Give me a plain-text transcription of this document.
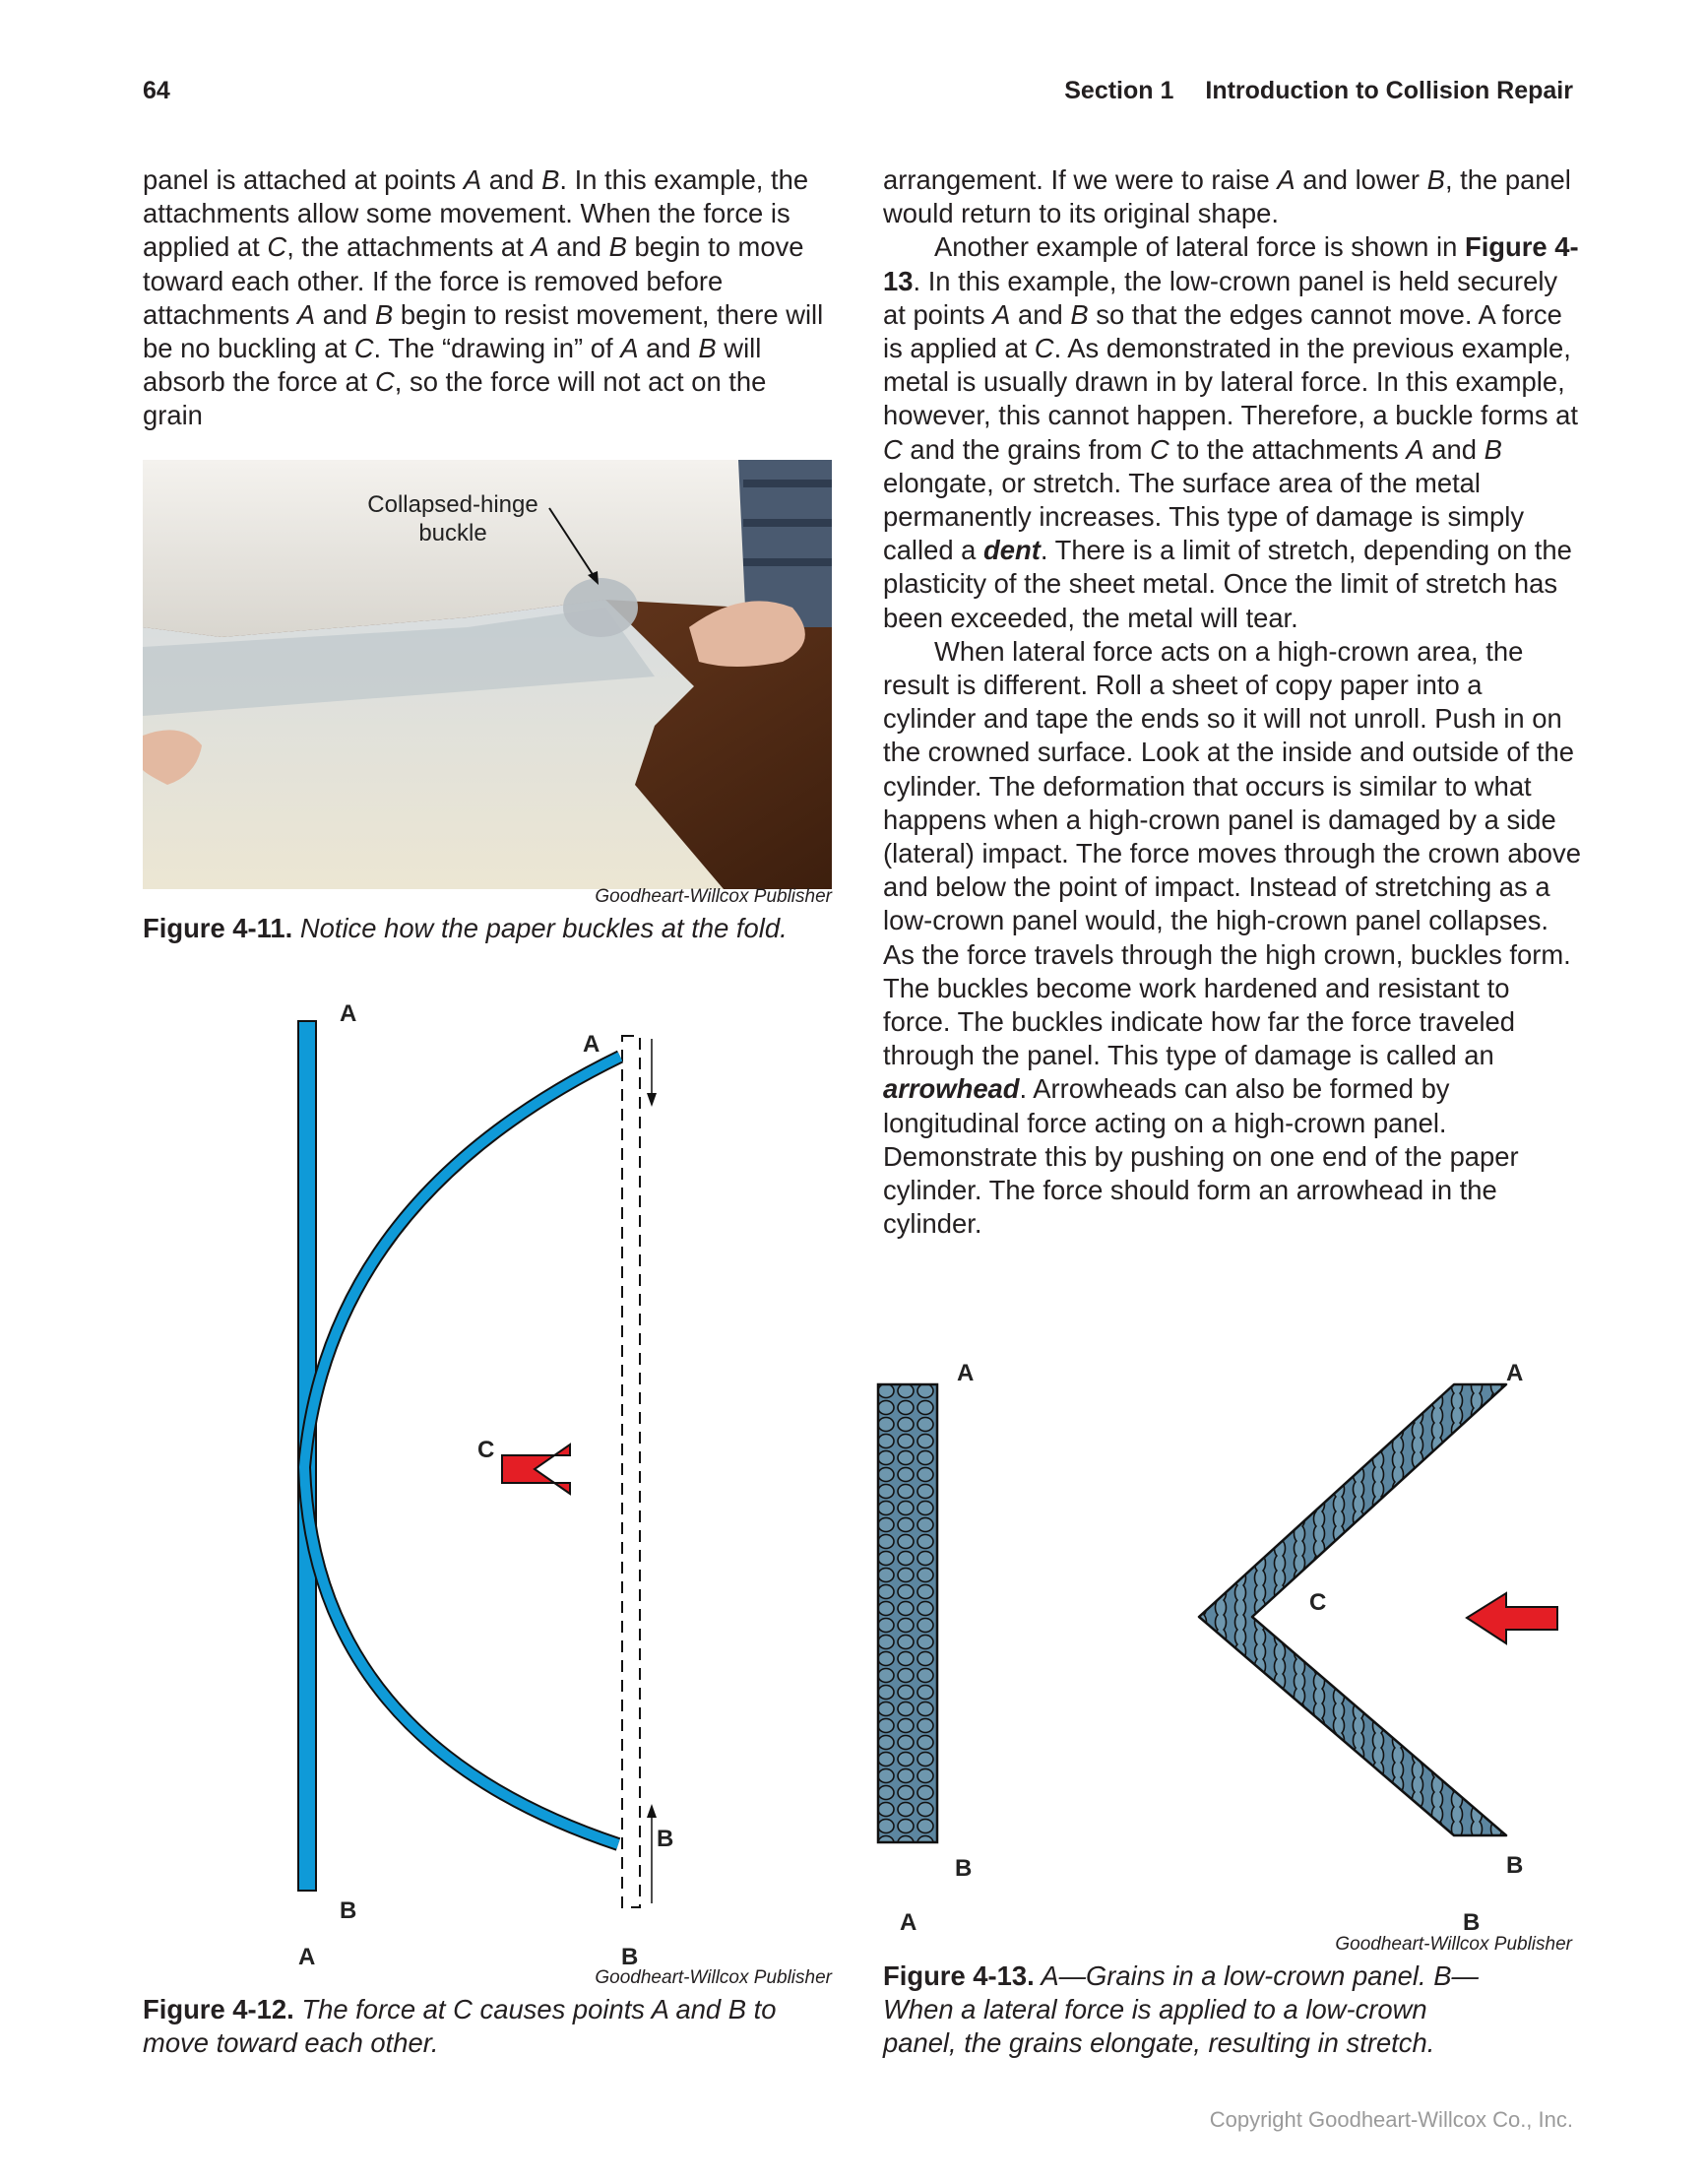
64	Section 1 Introduction to Collision Repair

panel is attached at points A and B. In this example, the attachments allow some movement. When the force is applied at C, the attachments at A and B begin to move toward each other. If the force is removed before attachments A and B begin to resist movement, there will be no buckling at C. The “drawing in” of A and B will absorb the force at C, so the force will not act on the grain

arrangement. If we were to raise A and lower B, the panel would return to its original shape.

Another example of lateral force is shown in Figure 4-13. In this example, the low-crown panel is held securely at points A and B so that the edges cannot move. A force is applied at C. As demonstrated in the previous example, metal is usually drawn in by lateral force. In this example, however, this cannot happen. Therefore, a buckle forms at C and the grains from C to the attachments A and B elongate, or stretch. The surface area of the metal permanently increases. This type of damage is simply called a dent. There is a limit of stretch, depending on the plasticity of the sheet metal. Once the limit of stretch has been exceeded, the metal will tear.

When lateral force acts on a high-crown area, the result is different. Roll a sheet of copy paper into a cylinder and tape the ends so it will not unroll. Push in on the crowned surface. Look at the inside and outside of the cylinder. The deformation that occurs is similar to what happens when a high-crown panel is damaged by a side (lateral) impact. The force moves through the crown above and below the point of impact. Instead of stretching as a low-crown panel would, the high-crown panel collapses. As the force travels through the high crown, buckles form. The buckles become work hardened and resistant to force. The buckles indicate how far the force traveled through the panel. This type of damage is called an arrowhead. Arrowheads can also be formed by longitudinal force acting on a high-crown panel. Demonstrate this by pushing on one end of the paper cylinder. The force should form an arrowhead in the cylinder.

Collapsed-hinge
buckle
Goodheart-Willcox Publisher
Figure 4-11. Notice how the paper buckles at the fold.
A
B
A
B
C
A	B
Goodheart-Willcox Publisher
Figure 4-12. The force at C causes points A and B to move toward each other.
A
B
A
B
C
A	B
Goodheart-Willcox Publisher
Figure 4-13. A—Grains in a low-crown panel. B—When a lateral force is applied to a low-crown panel, the grains elongate, resulting in stretch.
Copyright Goodheart-Willcox Co., Inc.
